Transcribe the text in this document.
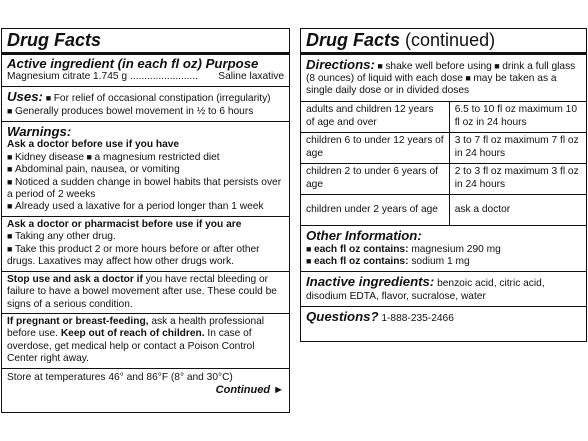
Drug Facts
Active ingredient (in each fl oz) Purpose
Magnesium citrate 1.745 g ........................	Saline laxative
Uses: ■ For relief of occasional constipation (irregularity)
■ Generally produces bowel movement in ½ to 6 hours
Warnings:
Ask a doctor before use if you have
■ Kidney disease ■ a magnesium restricted diet
■ Abdominal pain, nausea, or vomiting
■ Noticed a sudden change in bowel habits that persists over a period of 2 weeks
■ Already used a laxative for a period longer than 1 week
Ask a doctor or pharmacist before use if you are
■ Taking any other drug.
■ Take this product 2 or more hours before or after other drugs. Laxatives may affect how other drugs work.
Stop use and ask a doctor if you have rectal bleeding or failure to have a bowel movement after use. These could be signs of a serious condition.
If pregnant or breast-feeding, ask a health professional before use. Keep out of reach of children. In case of overdose, get medical help or contact a Poison Control Center right away.
Store at temperatures 46° and 86°F (8° and 30°C)
Continued ►
Drug Facts (continued)
Directions: ■ shake well before using ■ drink a full glass (8 ounces) of liquid with each dose ■ may be taken as a single daily dose or in divided doses
adults and children 12 years of age and over	6.5 to 10 fl oz maximum 10 fl oz in 24 hours
children 6 to under 12 years of age	3 to 7 fl oz maximum 7 fl oz in 24 hours
children 2 to under 6 years of age	2 to 3 fl oz maximum 3 fl oz in 24 hours
children under 2 years of age	ask a doctor
Other Information:
■ each fl oz contains: magnesium 290 mg
■ each fl oz contains: sodium 1 mg
Inactive ingredients: benzoic acid, citric acid, disodium EDTA, flavor, sucralose, water
Questions? 1-888-235-2466
